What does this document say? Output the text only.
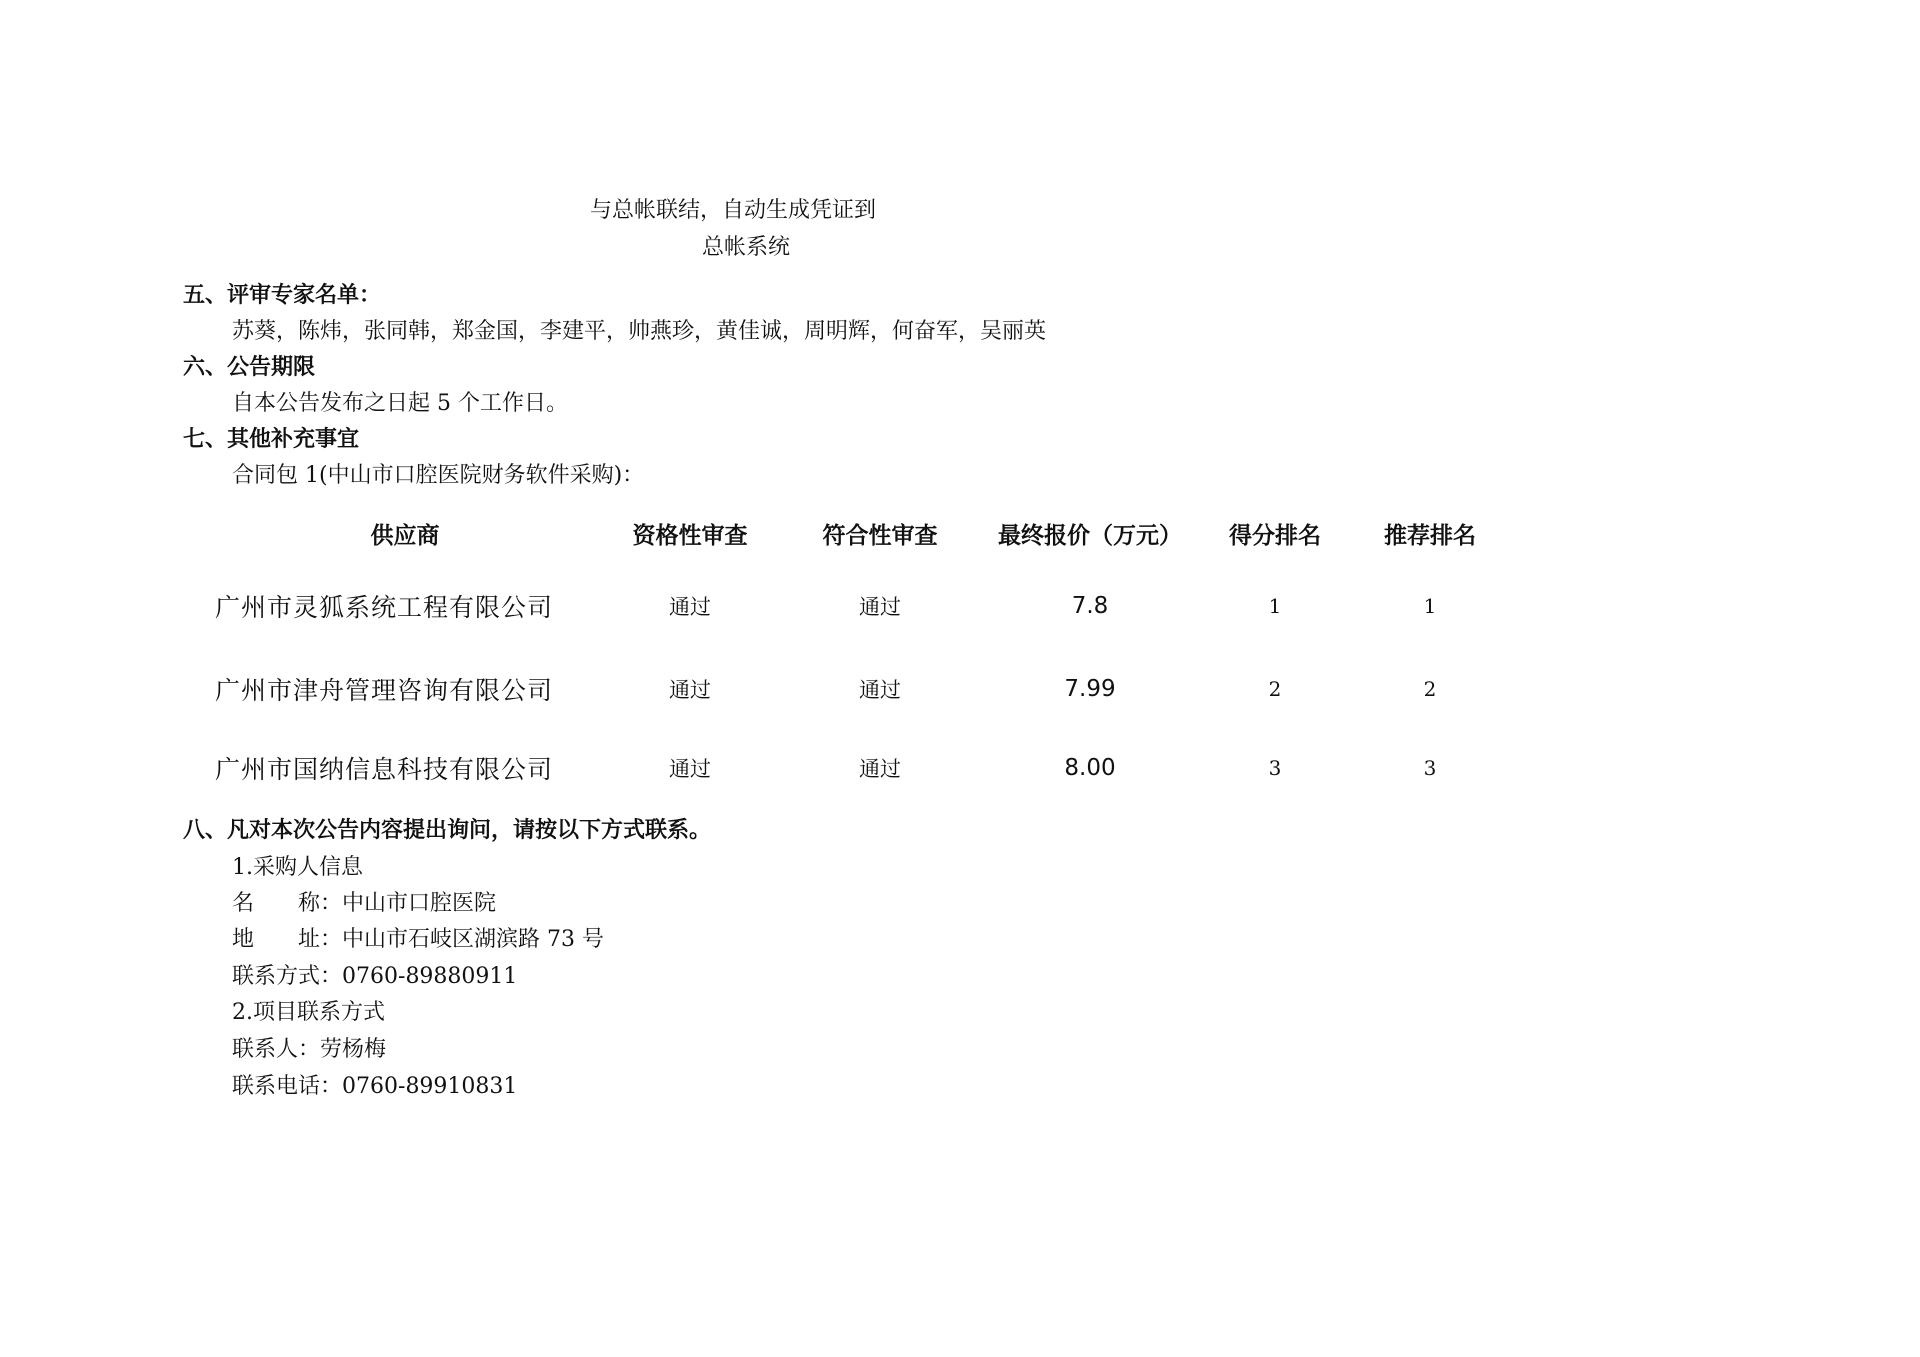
与总帐联结，自动生成凭证到
总帐系统
五、评审专家名单：
苏葵，陈炜，张同韩，郑金国，李建平，帅燕珍，黄佳诚，周明辉，何奋军，吴丽英
六、公告期限
自本公告发布之日起 5 个工作日。
七、其他补充事宜
合同包 1(中山市口腔医院财务软件采购)：
供应商	资格性审查	符合性审查	最终报价（万元）	得分排名	推荐排名
广州市灵狐系统工程有限公司	通过	通过	7.8	1	1
广州市津舟管理咨询有限公司	通过	通过	7.99	2	2
广州市国纳信息科技有限公司	通过	通过	8.00	3	3
八、凡对本次公告内容提出询问，请按以下方式联系。
1.采购人信息
名　　称：中山市口腔医院
地　　址：中山市石岐区湖滨路 73 号
联系方式：0760-89880911
2.项目联系方式
联系人：劳杨梅
联系电话：0760-89910831
